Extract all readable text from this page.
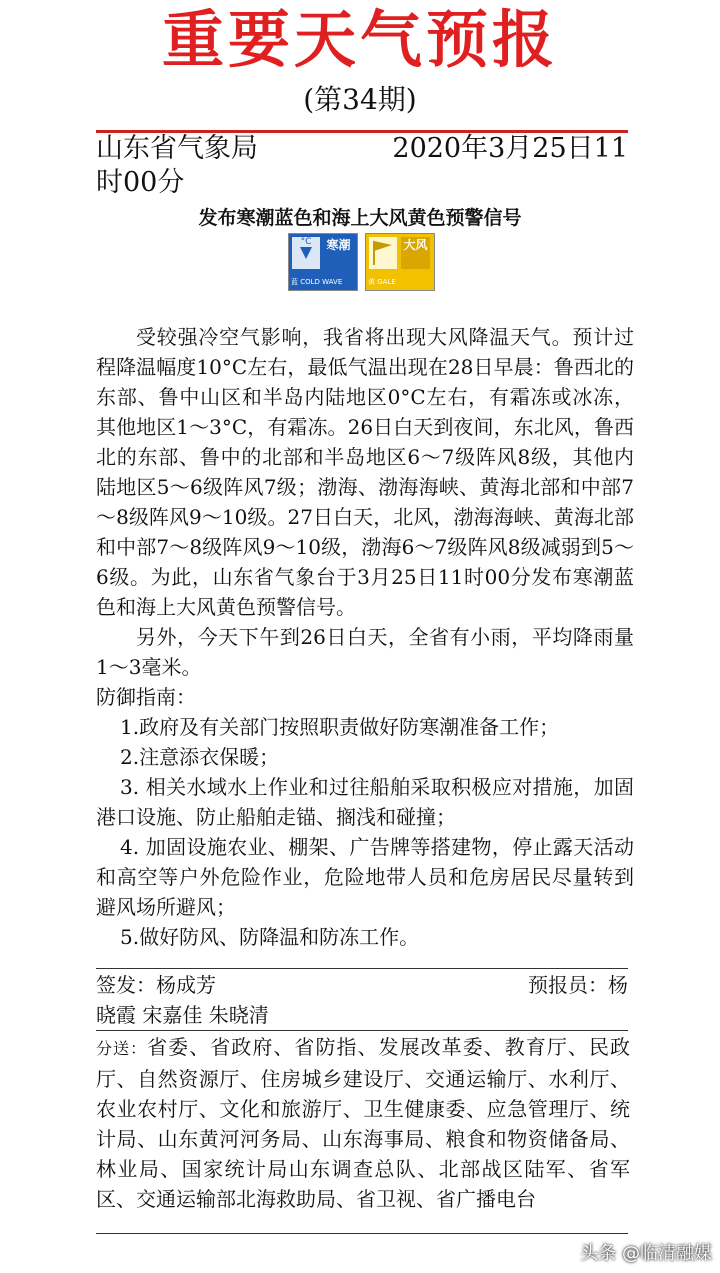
重要天气预报
(第34期)
山东省气象局	2020年3月25日11
时00分
发布寒潮蓝色和海上大风黄色预警信号
°C	寒潮
蓝 COLD WAVE
大风
黄 GALE

受较强冷空气影响，我省将出现大风降温天气。预计过程降温幅度10°C左右，最低气温出现在28日早晨：鲁西北的东部、鲁中山区和半岛内陆地区0°C左右，有霜冻或冰冻，其他地区1～3°C，有霜冻。26日白天到夜间，东北风，鲁西北的东部、鲁中的北部和半岛地区6～7级阵风8级，其他内陆地区5～6级阵风7级；渤海、渤海海峡、黄海北部和中部7～8级阵风9～10级。27日白天，北风，渤海海峡、黄海北部和中部7～8级阵风9～10级，渤海6～7级阵风8级减弱到5～6级。为此，山东省气象台于3月25日11时00分发布寒潮蓝色和海上大风黄色预警信号。

另外，今天下午到26日白天，全省有小雨，平均降雨量1～3毫米。

防御指南：

1.政府及有关部门按照职责做好防寒潮准备工作；

2.注意添衣保暖；

3. 相关水域水上作业和过往船舶采取积极应对措施，加固港口设施、防止船舶走锚、搁浅和碰撞；

4. 加固设施农业、棚架、广告牌等搭建物，停止露天活动和高空等户外危险作业，危险地带人员和危房居民尽量转到避风场所避风；

5.做好防风、防降温和防冻工作。

签发：杨成芳	预报员：杨
晓霞 宋嘉佳 朱晓清
分送：省委、省政府、省防指、发展改革委、教育厅、民政厅、自然资源厅、住房城乡建设厅、交通运输厅、水利厅、农业农村厅、文化和旅游厅、卫生健康委、应急管理厅、统计局、山东黄河河务局、山东海事局、粮食和物资储备局、林业局、国家统计局山东调查总队、北部战区陆军、省军区、交通运输部北海救助局、省卫视、省广播电台
头条 @临清融媒
